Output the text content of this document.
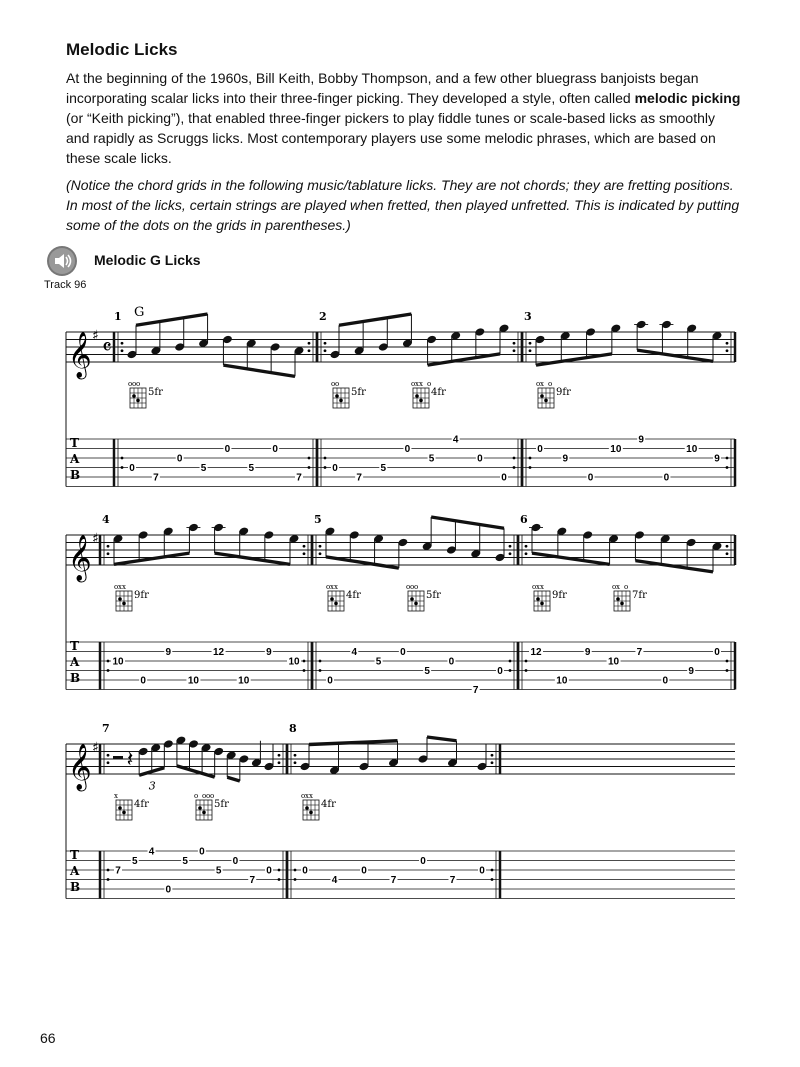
Melodic Licks
At the beginning of the 1960s, Bill Keith, Bobby Thompson, and a few other bluegrass banjoists began incorporating scalar licks into their three-finger picking. They developed a style, often called melodic picking (or “Keith picking”), that enabled three-finger pickers to play fiddle tunes or scale-based licks as smoothly and rapidly as Scruggs licks. Most contemporary players use some melodic phrases, which are based on these scale licks.
(Notice the chord grids in the following music/tablature licks. They are not chords; they are fretting positions. In most of the licks, certain strings are played when fretted, then played unfretted. This is indicated by putting some of the dots on the grids in parentheses.)
Track 96
Melodic G Licks
𝄞 ♯ 𝄴
T
A
B
1 G
0
7
0
5
0
5
0
7
o o o
5fr
2
0
7
5
0
5
4
0
0
o o
5fr
o x x o
4fr
3
0
9
0
10
9
0
10
9
o x o
9fr
𝄞 ♯
T
A
B
4
10
0
9
10
12
10
9
10
o x x
9fr
5
0
4
5
0
5
0
7
0
o x x
4fr
o o o
5fr
6
12
10
9
10
7
0
9
0
o x x
9fr
o x o
7fr
𝄞 ♯
T
A
B
7
𝄽
3
7
5
4
0
5
0
5
0
7
0
x
4fr
o o o o
5fr
8
0
4
0
7
0
7
0
o x x
4fr
66
